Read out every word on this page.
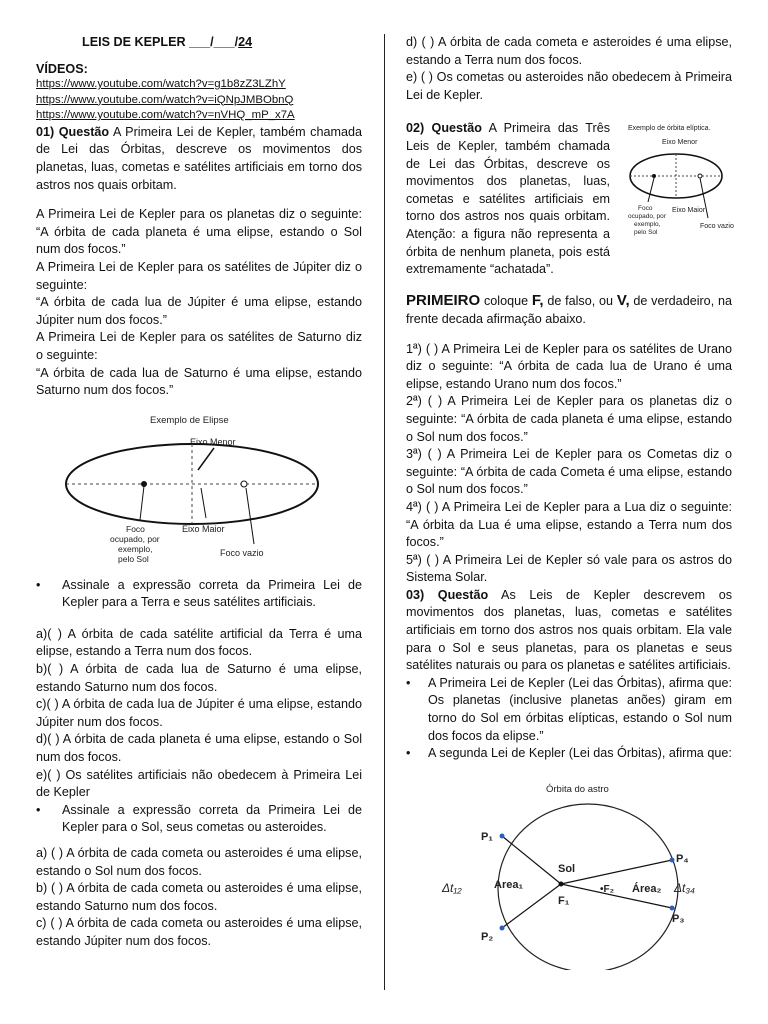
LEIS DE KEPLER ___/___/24
VÍDEOS:
https://www.youtube.com/watch?v=g1b8zZ3LZhY
https://www.youtube.com/watch?v=iQNpJMBObnQ
https://www.youtube.com/watch?v=nVHQ_mP_x7A

01) Questão A Primeira Lei de Kepler, também chamada de Lei das Órbitas, descreve os movimentos dos planetas, luas, cometas e satélites artificiais em torno dos astros nos quais orbitam.

A Primeira Lei de Kepler para os planetas diz o seguinte: “A órbita de cada planeta é uma elipse, estando o Sol num dos focos.”

A Primeira Lei de Kepler para os satélites de Júpiter diz o seguinte:

“A órbita de cada lua de Júpiter é uma elipse, estando Júpiter num dos focos.”

A Primeira Lei de Kepler para os satélites de Saturno diz o seguinte:

“A órbita de cada lua de Saturno é uma elipse, estando Saturno num dos focos.”

Exemplo de Elipse
Eixo Menor
Foco
ocupado, por
exemplo,
pelo Sol
Eixo Maior
Foco vazio

• Assinale a expressão correta da Primeira Lei de Kepler para a Terra e seus satélites artificiais.

a)( ) A órbita de cada satélite artificial da Terra é uma elipse, estando a Terra num dos focos.

b)( ) A órbita de cada lua de Saturno é uma elipse, estando Saturno num dos focos.

c)( ) A órbita de cada lua de Júpiter é uma elipse, estando Júpiter num dos focos.

d)( ) A órbita de cada planeta é uma elipse, estando o Sol num dos focos.

e)( ) Os satélites artificiais não obedecem à Primeira Lei de Kepler

• Assinale a expressão correta da Primeira Lei de Kepler para o Sol, seus cometas ou asteroides.

a) ( ) A órbita de cada cometa ou asteroides é uma elipse, estando o Sol num dos focos.

b) ( ) A órbita de cada cometa ou asteroides é uma elipse, estando Saturno num dos focos.

c) ( ) A órbita de cada cometa ou asteroides é uma elipse, estando Júpiter num dos focos.

d) ( ) A órbita de cada cometa e asteroides é uma elipse, estando a Terra num dos focos.

e) ( ) Os cometas ou asteroides não obedecem à Primeira Lei de Kepler.

02) Questão A Primeira das Três Leis de Kepler, também chamada de Lei das Órbitas, descreve os movimentos dos planetas, luas, cometas e satélites artificiais em torno dos astros nos quais orbitam. Atenção: a figura não representa a órbita de nenhum planeta, pois está extremamente “achatada”.

Exemplo de órbita elíptica.
Eixo Menor
Foco
ocupado, por
exemplo,
pelo Sol
Eixo Maior
Foco vazio

PRIMEIRO coloque F, de falso, ou V, de verdadeiro, na frente decada afirmação abaixo.

1ª) ( ) A Primeira Lei de Kepler para os satélites de Urano diz o seguinte: “A órbita de cada lua de Urano é uma elipse, estando Urano num dos focos.”

2ª) ( ) A Primeira Lei de Kepler para os planetas diz o seguinte: “A órbita de cada planeta é uma elipse, estando o Sol num dos focos.”

3ª) ( ) A Primeira Lei de Kepler para os Cometas diz o seguinte: “A órbita de cada Cometa é uma elipse, estando o Sol num dos focos.”

4ª) ( ) A Primeira Lei de Kepler para a Lua diz o seguinte: “A órbita da Lua é uma elipse, estando a Terra num dos focos.”

5ª) ( ) A Primeira Lei de Kepler só vale para os astros do Sistema Solar.

03) Questão As Leis de Kepler descrevem os movimentos dos planetas, luas, cometas e satélites artificiais em torno dos astros nos quais orbitam. Ela vale para o Sol e seus planetas, para os planetas e seus satélites naturais ou para os planetas e satélites artificiais.

• A Primeira Lei de Kepler (Lei das Órbitas), afirma que: Os planetas (inclusive planetas anões) giram em torno do Sol em órbitas elípticas, estando o Sol num dos focos da elipse.”

• A segunda Lei de Kepler (Lei das Órbitas), afirma que:

Órbita do astro
P₁
P₂
P₄
P₃
Sol
F₁
•F₂
Area₁	Área₂
Δt₁₂	Δt₃₄
